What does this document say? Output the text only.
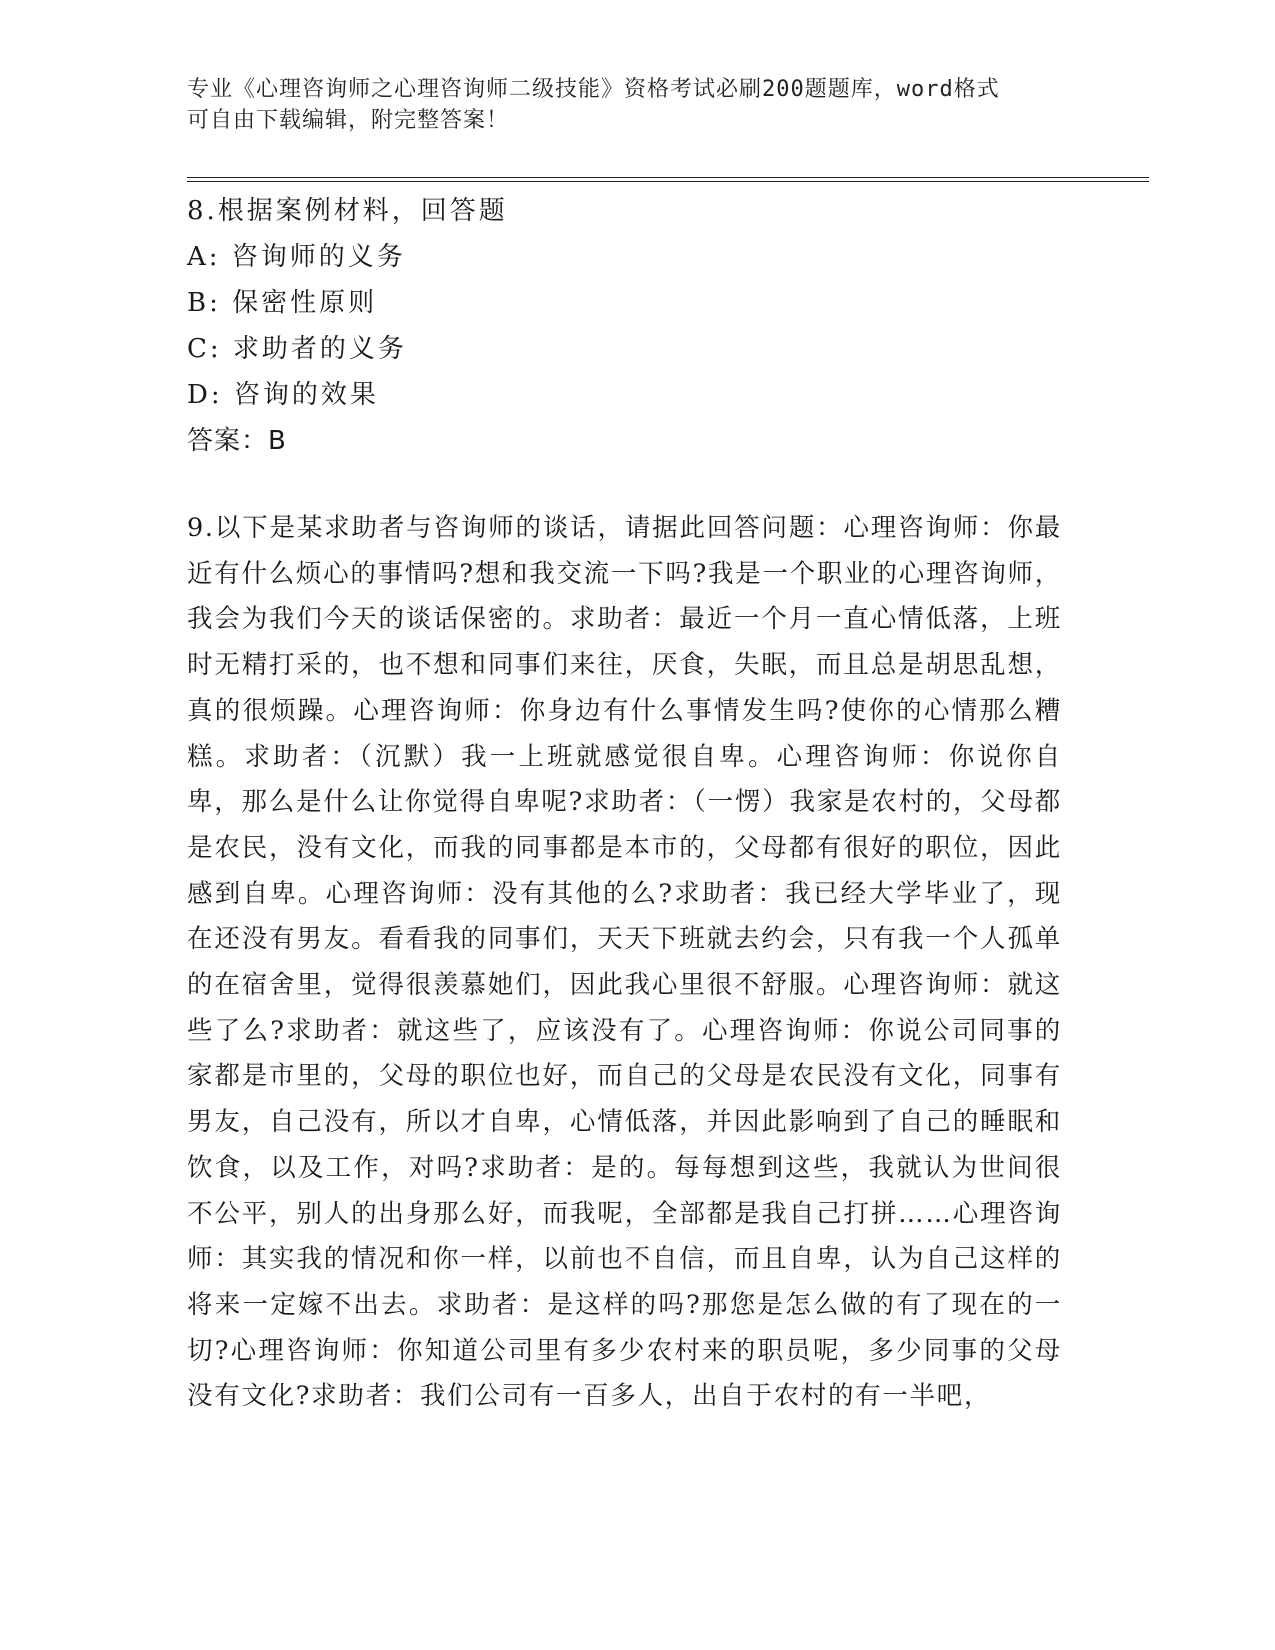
专业《心理咨询师之心理咨询师二级技能》资格考试必刷200题题库，word格式
可自由下载编辑，附完整答案！
8.根据案例材料，回答题
A: 咨询师的义务
B: 保密性原则
C: 求助者的义务
D: 咨询的效果
答案：B
9.以下是某求助者与咨询师的谈话，请据此回答问题：心理咨询师：你最近有什么烦心的事情吗?想和我交流一下吗?我是一个职业的心理咨询师，我会为我们今天的谈话保密的。求助者：最近一个月一直心情低落，上班时无精打采的，也不想和同事们来往，厌食，失眠，而且总是胡思乱想，真的很烦躁。心理咨询师：你身边有什么事情发生吗?使你的心情那么糟糕。求助者：（沉默）我一上班就感觉很自卑。心理咨询师：你说你自卑，那么是什么让你觉得自卑呢?求助者：（一愣）我家是农村的，父母都是农民，没有文化，而我的同事都是本市的，父母都有很好的职位，因此感到自卑。心理咨询师：没有其他的么?求助者：我已经大学毕业了，现在还没有男友。看看我的同事们，天天下班就去约会，只有我一个人孤单的在宿舍里，觉得很羡慕她们，因此我心里很不舒服。心理咨询师：就这些了么?求助者：就这些了，应该没有了。心理咨询师：你说公司同事的家都是市里的，父母的职位也好，而自己的父母是农民没有文化，同事有男友，自己没有，所以才自卑，心情低落，并因此影响到了自己的睡眠和饮食，以及工作，对吗?求助者：是的。每每想到这些，我就认为世间很不公平，别人的出身那么好，而我呢，全部都是我自己打拼……心理咨询师：其实我的情况和你一样，以前也不自信，而且自卑，认为自己这样的将来一定嫁不出去。求助者：是这样的吗?那您是怎么做的有了现在的一切?心理咨询师：你知道公司里有多少农村来的职员呢，多少同事的父母没有文化?求助者：我们公司有一百多人，出自于农村的有一半吧，
